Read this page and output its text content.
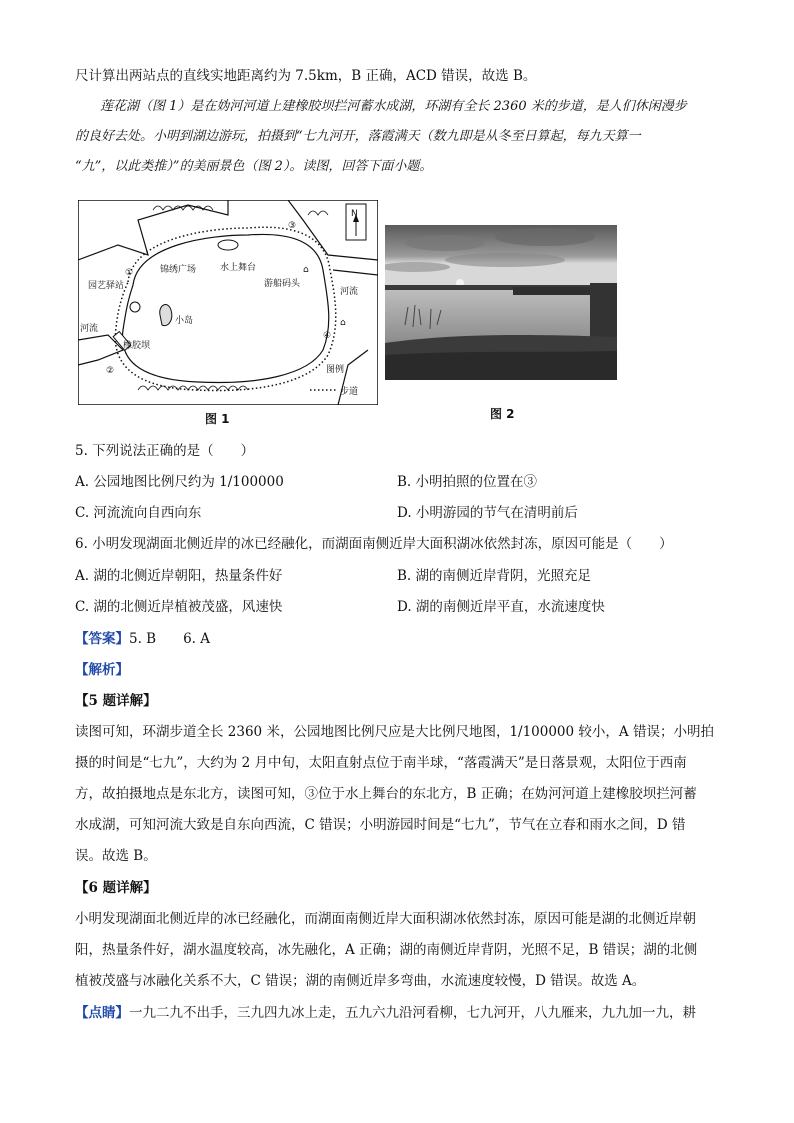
尺计算出两站点的直线实地距离约为 7.5km，B 正确，ACD 错误，故选 B。
莲花湖（图 1）是在妫河河道上建橡胶坝拦河蓄水成湖，环湖有全长 2360 米的步道，是人们休闲漫步
的良好去处。小明到湖边游玩，拍摄到“七九河开，落霞满天（数九即是从冬至日算起，每九天算一
“九”，以此类推）”的美丽景色（图 2）。读图，回答下面小题。
⌂
⌂
N
③
①
②
④
园艺驿站
锦绣广场	水上舞台
游船码头
小岛
河流
河流
橡胶坝
图例
步道
图 1	图 2
5. 下列说法正确的是（　　）
A. 公园地图比例尺约为 1/100000	B. 小明拍照的位置在③
C. 河流流向自西向东	D. 小明游园的节气在清明前后
6. 小明发现湖面北侧近岸的冰已经融化，而湖面南侧近岸大面积湖冰依然封冻，原因可能是（　　）
A. 湖的北侧近岸朝阳，热量条件好	B. 湖的南侧近岸背阴，光照充足
C. 湖的北侧近岸植被茂盛，风速快	D. 湖的南侧近岸平直，水流速度快
【答案】5. B　　6. A
【解析】
【5 题详解】
读图可知，环湖步道全长 2360 米，公园地图比例尺应是大比例尺地图，1/100000 较小，A 错误；小明拍
摄的时间是“七九”，大约为 2 月中旬，太阳直射点位于南半球，“落霞满天”是日落景观，太阳位于西南
方，故拍摄地点是东北方，读图可知，③位于水上舞台的东北方，B 正确；在妫河河道上建橡胶坝拦河蓄
水成湖，可知河流大致是自东向西流，C 错误；小明游园时间是“七九”，节气在立春和雨水之间，D 错
误。故选 B。
【6 题详解】
小明发现湖面北侧近岸的冰已经融化，而湖面南侧近岸大面积湖冰依然封冻，原因可能是湖的北侧近岸朝
阳，热量条件好，湖水温度较高，冰先融化，A 正确；湖的南侧近岸背阴，光照不足，B 错误；湖的北侧
植被茂盛与冰融化关系不大，C 错误；湖的南侧近岸多弯曲，水流速度较慢，D 错误。故选 A。
【点睛】一九二九不出手，三九四九冰上走，五九六九沿河看柳，七九河开，八九雁来，九九加一九，耕
